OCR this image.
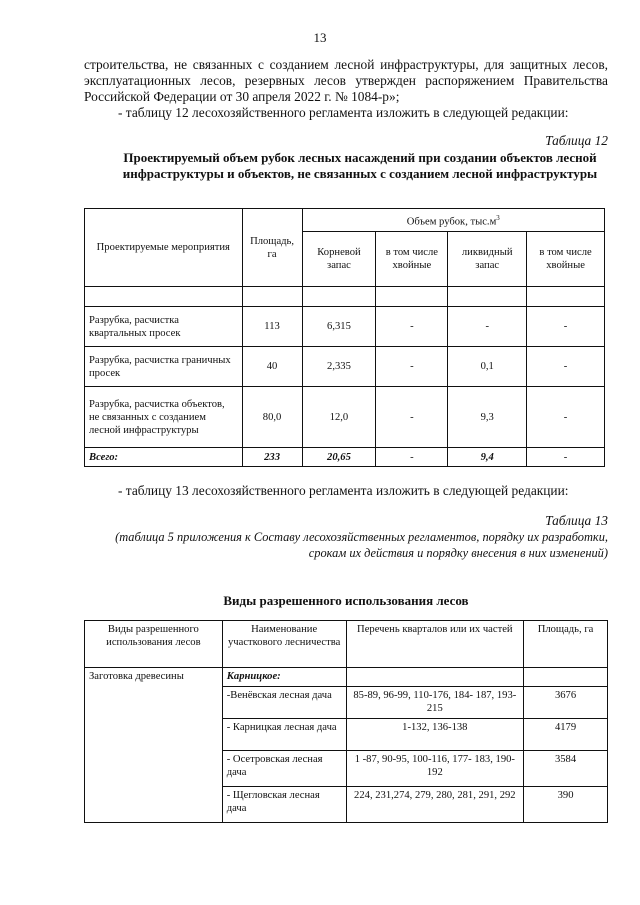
13
строительства, не связанных с созданием лесной инфраструктуры, для защитных лесов, эксплуатационных лесов, резервных лесов утвержден распоряжением Правительства Российской Федерации от 30 апреля 2022 г. № 1084-р»;
- таблицу 12 лесохозяйственного регламента изложить в следующей редакции:
Таблица 12
Проектируемый объем рубок лесных насаждений при создании объектов лесной инфраструктуры и объектов, не связанных с созданием лесной инфраструктуры
Проектируемые мероприятия	Площадь, га	Объем рубок, $тыс.м^3$
		Корневой запас	в том числе хвойные	ликвидный запас	в том числе хвойные

Разрубка, расчистка квартальных просек	113	6,315	-	-	-
Разрубка, расчистка граничных просек	40	2,335	-	0,1	-
Разрубка, расчистка объектов, не связанных с созданием лесной инфраструктуры	80,0	12,0	-	9,3	-
Всего:	233	20,65	-	9,4	-
- таблицу 13 лесохозяйственного регламента изложить в следующей редакции:
Таблица 13
(таблица 5 приложения к Составу лесохозяйственных регламентов, порядку их разработки, срокам их действия и порядку внесения в них изменений)
Виды разрешенного использования лесов
Виды разрешенного использования лесов	Наименование участкового лесничества	Перечень кварталов или их частей	Площадь, га
Заготовка древесины	Карницкое:		
	-Венёвская лесная дача	85-89, 96-99, 110-176, 184- 187, 193-215	3676
	- Карницкая лесная дача	1-132, 136-138	4179
	- Осетровская лесная дача	1 -87, 90-95, 100-116, 177- 183, 190- 192	3584
	- Щегловская лесная дача	224, 231,274, 279, 280, 281, 291, 292	390
